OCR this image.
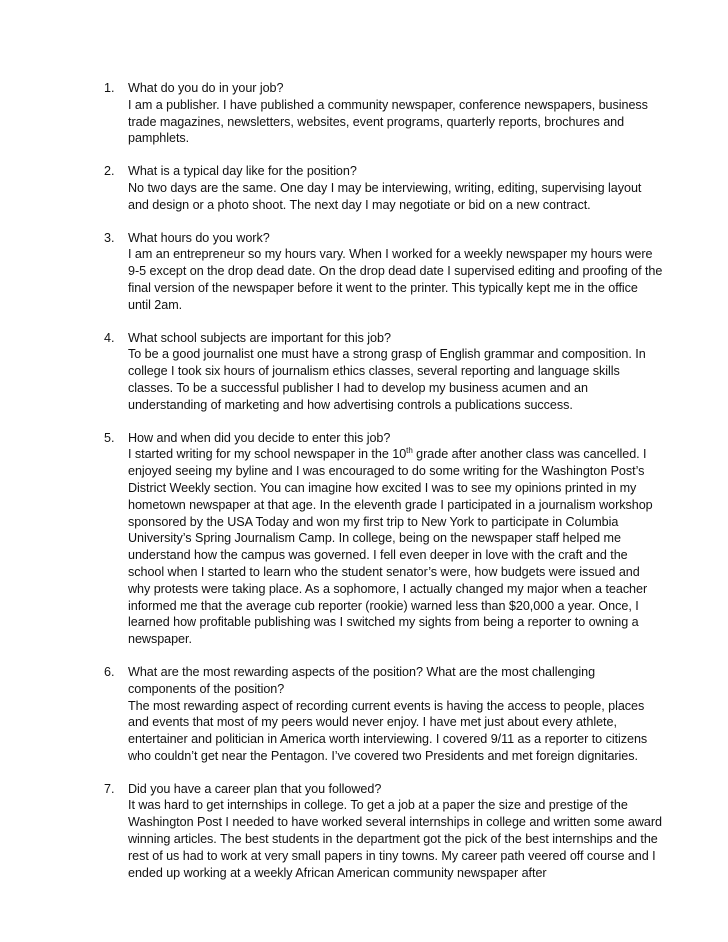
1.	What do you do in your job?
I am a publisher. I have published a community newspaper, conference newspapers, business trade magazines, newsletters, websites, event programs, quarterly reports, brochures and pamphlets.
2.	What is a typical day like for the position?
No two days are the same. One day I may be interviewing, writing, editing, supervising layout and design or a photo shoot. The next day I may negotiate or bid on a new contract.
3.	What hours do you work?
I am an entrepreneur so my hours vary. When I worked for a weekly newspaper my hours were 9-5 except on the drop dead date. On the drop dead date I supervised editing and proofing of the final version of the newspaper before it went to the printer. This typically kept me in the office until 2am.
4.	What school subjects are important for this job?
To be a good journalist one must have a strong grasp of English grammar and composition. In college I took six hours of journalism ethics classes, several reporting and language skills classes. To be a successful publisher I had to develop my business acumen and an understanding of marketing and how advertising controls a publications success.
5.	How and when did you decide to enter this job?
I started writing for my school newspaper in the 10th grade after another class was cancelled. I enjoyed seeing my byline and I was encouraged to do some writing for the Washington Post’s District Weekly section. You can imagine how excited I was to see my opinions printed in my hometown newspaper at that age. In the eleventh grade I participated in a journalism workshop sponsored by the USA Today and won my first trip to New York to participate in Columbia University’s Spring Journalism Camp. In college, being on the newspaper staff helped me understand how the campus was governed. I fell even deeper in love with the craft and the school when I started to learn who the student senator’s were, how budgets were issued and why protests were taking place. As a sophomore, I actually changed my major when a teacher informed me that the average cub reporter (rookie) warned less than $20,000 a year. Once, I learned how profitable publishing was I switched my sights from being a reporter to owning a newspaper.
6.	What are the most rewarding aspects of the position? What are the most challenging components of the position?
The most rewarding aspect of recording current events is having the access to people, places and events that most of my peers would never enjoy. I have met just about every athlete, entertainer and politician in America worth interviewing. I covered 9/11 as a reporter to citizens who couldn’t get near the Pentagon. I’ve covered two Presidents and met foreign dignitaries.
7.	Did you have a career plan that you followed?
It was hard to get internships in college. To get a job at a paper the size and prestige of the Washington Post I needed to have worked several internships in college and written some award winning articles. The best students in the department got the pick of the best internships and the rest of us had to work at very small papers in tiny towns. My career path veered off course and I ended up working at a weekly African American community newspaper after
